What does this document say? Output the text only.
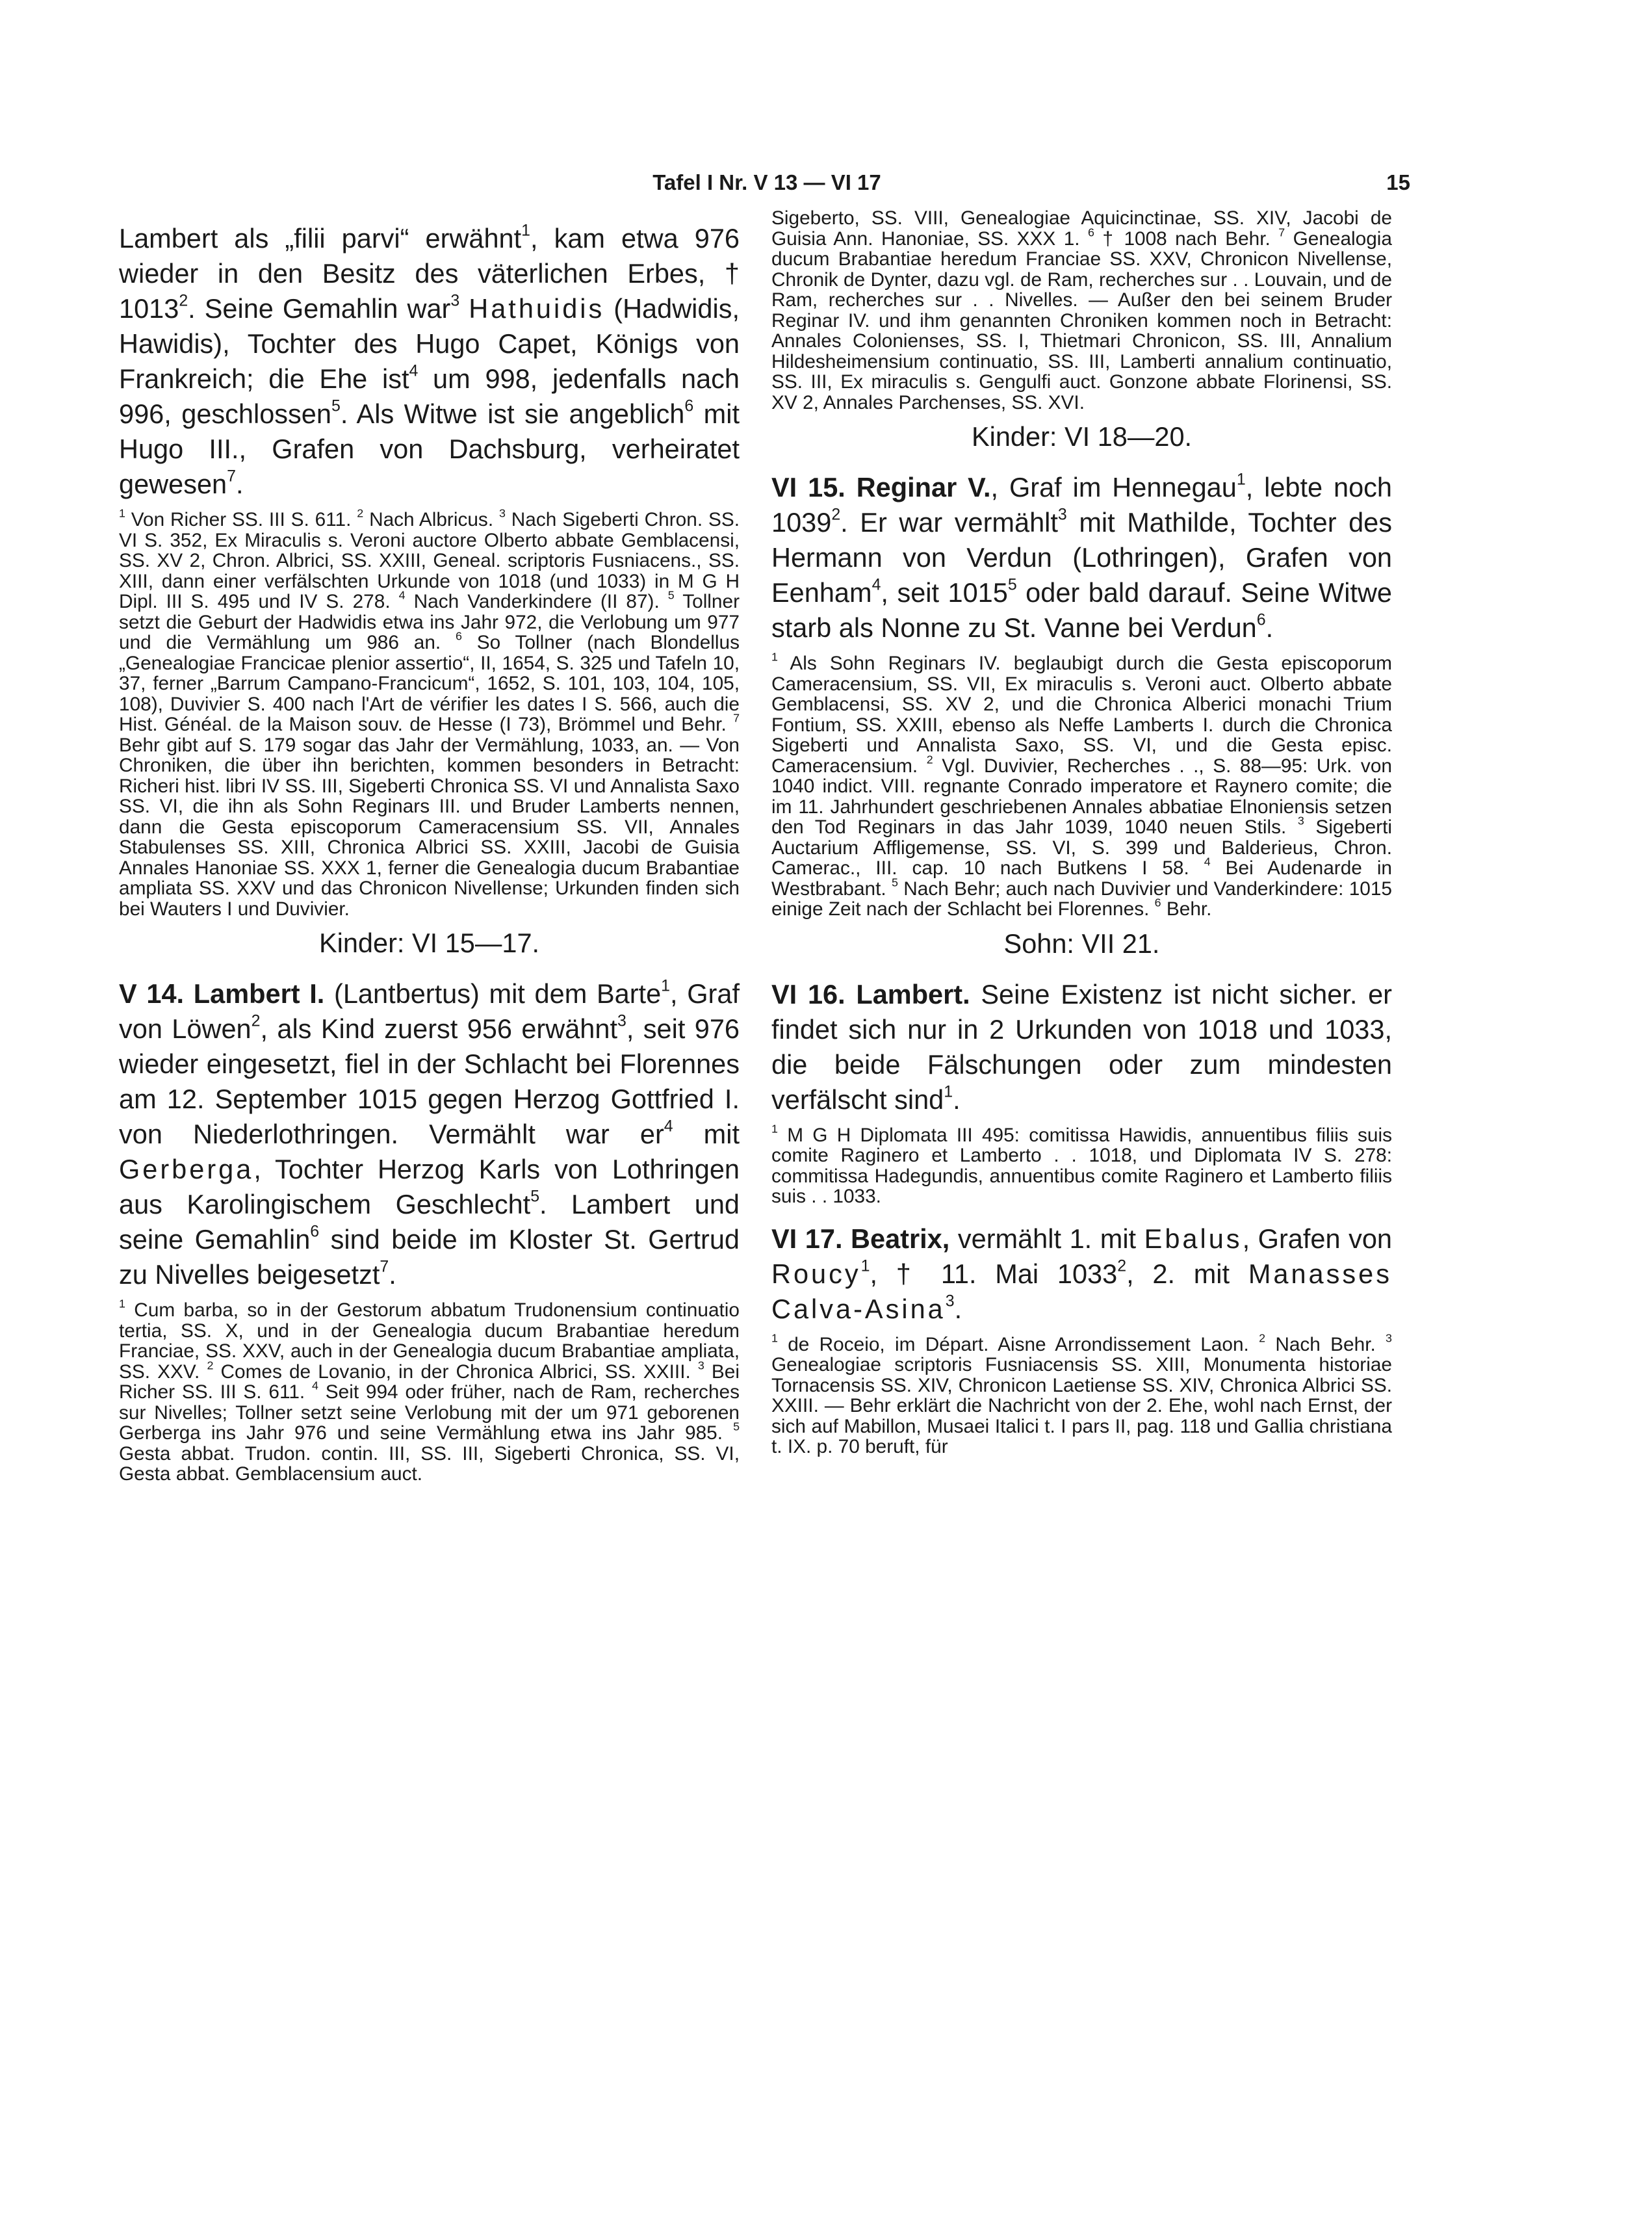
Tafel I Nr. V 13 — VI 17	15

Lambert als „filii parvi“ erwähnt$^1$, kam etwa 976 wieder in den Besitz des väterlichen Erbes, † 1013$^2$. Seine Gemahlin war$^3$ Hathuidis (Hadwidis, Hawidis), Tochter des Hugo Capet, Königs von Frankreich; die Ehe ist$^4$ um 998, jedenfalls nach 996, geschlossen$^5$. Als Witwe ist sie angeblich$^6$ mit Hugo III., Grafen von Dachsburg, verheiratet gewesen$^7$.

$^1$ Von Richer SS. III S. 611. $^2$ Nach Albricus. $^3$ Nach Sigeberti Chron. SS. VI S. 352, Ex Miraculis s. Veroni auctore Olberto abbate Gemblacensi, SS. XV 2, Chron. Albrici, SS. XXIII, Geneal. scriptoris Fusniacens., SS. XIII, dann einer verfälschten Urkunde von 1018 (und 1033) in M G H Dipl. III S. 495 und IV S. 278. $^4$ Nach Vanderkindere (II 87). $^5$ Tollner setzt die Geburt der Hadwidis etwa ins Jahr 972, die Verlobung um 977 und die Vermählung um 986 an. $^6$ So Tollner (nach Blondellus „Genealogiae Francicae plenior assertio“, II, 1654, S. 325 und Tafeln 10, 37, ferner „Barrum Campano-Francicum“, 1652, S. 101, 103, 104, 105, 108), Duvivier S. 400 nach l'Art de vérifier les dates I S. 566, auch die Hist. Généal. de la Maison souv. de Hesse (I 73), Brömmel und Behr. $^7$ Behr gibt auf S. 179 sogar das Jahr der Vermählung, 1033, an. — Von Chroniken, die über ihn berichten, kommen besonders in Betracht: Richeri hist. libri IV SS. III, Sigeberti Chronica SS. VI und Annalista Saxo SS. VI, die ihn als Sohn Reginars III. und Bruder Lamberts nennen, dann die Gesta episcoporum Cameracensium SS. VII, Annales Stabulenses SS. XIII, Chronica Albrici SS. XXIII, Jacobi de Guisia Annales Hanoniae SS. XXX 1, ferner die Genealogia ducum Brabantiae ampliata SS. XXV und das Chronicon Nivellense; Urkunden finden sich bei Wauters I und Duvivier.

Kinder: VI 15—17.

V 14. Lambert I. (Lantbertus) mit dem Barte$^1$, Graf von Löwen$^2$, als Kind zuerst 956 erwähnt$^3$, seit 976 wieder eingesetzt, fiel in der Schlacht bei Florennes am 12. September 1015 gegen Herzog Gottfried I. von Niederlothringen. Vermählt war $er^4$ mit Gerberga, Tochter Herzog Karls von Lothringen aus Karolingischem Geschlecht$^5$. Lambert und seine Gemahlin$^6$ sind beide im Kloster St. Gertrud zu Nivelles beigesetzt$^7$.

$^1$ Cum barba, so in der Gestorum abbatum Trudonensium continuatio tertia, SS. X, und in der Genealogia ducum Brabantiae heredum Franciae, SS. XXV, auch in der Genealogia ducum Brabantiae ampliata, SS. XXV. $^2$ Comes de Lovanio, in der Chronica Albrici, SS. XXIII. $^3$ Bei Richer SS. III S. 611. $^4$ Seit 994 oder früher, nach de Ram, recherches sur Nivelles; Tollner setzt seine Verlobung mit der um 971 geborenen Gerberga ins Jahr 976 und seine Vermählung etwa ins Jahr 985. $^5$ Gesta abbat. Trudon. contin. III, SS. III, Sigeberti Chronica, SS. VI, Gesta abbat. Gemblacensium auct.

Sigeberto, SS. VIII, Genealogiae Aquicinctinae, SS. XIV, Jacobi de Guisia Ann. Hanoniae, SS. XXX 1. $^6$ † 1008 nach Behr. $^7$ Genealogia ducum Brabantiae heredum Franciae SS. XXV, Chronicon Nivellense, Chronik de Dynter, dazu vgl. de Ram, recherches sur . . Louvain, und de Ram, recherches sur . . Nivelles. — Außer den bei seinem Bruder Reginar IV. und ihm genannten Chroniken kommen noch in Betracht: Annales Colonienses, SS. I, Thietmari Chronicon, SS. III, Annalium Hildesheimensium continuatio, SS. III, Lamberti annalium continuatio, SS. III, Ex miraculis s. Gengulfi auct. Gonzone abbate Florinensi, SS. XV 2, Annales Parchenses, SS. XVI.

Kinder: VI 18—20.

VI 15. Reginar V., Graf im Hennegau$^1$, lebte noch 1039$^2$. Er war vermählt$^3$ mit Mathilde, Tochter des Hermann von Verdun (Lothringen), Grafen von Eenham$^4$, seit 1015$^5$ oder bald darauf. Seine Witwe starb als Nonne zu St. Vanne bei Verdun$^6$.

$^1$ Als Sohn Reginars IV. beglaubigt durch die Gesta episcoporum Cameracensium, SS. VII, Ex miraculis s. Veroni auct. Olberto abbate Gemblacensi, SS. XV 2, und die Chronica Alberici monachi Trium Fontium, SS. XXIII, ebenso als Neffe Lamberts I. durch die Chronica Sigeberti und Annalista Saxo, SS. VI, und die Gesta episc. Cameracensium. $^2$ Vgl. Duvivier, Recherches . ., S. 88—95: Urk. von 1040 indict. VIII. regnante Conrado imperatore et Raynero comite; die im 11. Jahrhundert geschriebenen Annales abbatiae Elnoniensis setzen den Tod Reginars in das Jahr 1039, 1040 neuen Stils. $^3$ Sigeberti Auctarium Affligemense, SS. VI, S. 399 und Balderieus, Chron. Camerac., III. cap. 10 nach Butkens I 58. $^4$ Bei Audenarde in Westbrabant. $^5$ Nach Behr; auch nach Duvivier und Vanderkindere: 1015 einige Zeit nach der Schlacht bei Florennes. $^6$ Behr.

Sohn: VII 21.

VI 16. Lambert. Seine Existenz ist nicht sicher. er findet sich nur in 2 Urkunden von 1018 und 1033, die beide Fälschungen oder zum mindesten verfälscht sind$^1$.

$^1$ M G H Diplomata III 495: comitissa Hawidis, annuentibus filiis suis comite Raginero et Lamberto . . 1018, und Diplomata IV S. 278: commitissa Hadegundis, annuentibus comite Raginero et Lamberto filiis suis . . 1033.

VI 17. Beatrix, vermählt 1. mit Ebalus, Grafen von Roucy$^1$, † 11. Mai 1033$^2$, 2. mit Manasses Calva-Asina$^3$.

$^1$ de Roceio, im Départ. Aisne Arrondissement Laon. $^2$ Nach Behr. $^3$ Genealogiae scriptoris Fusniacensis SS. XIII, Monumenta historiae Tornacensis SS. XIV, Chronicon Laetiense SS. XIV, Chronica Albrici SS. XXIII. — Behr erklärt die Nachricht von der 2. Ehe, wohl nach Ernst, der sich auf Mabillon, Musaei Italici t. I pars II, pag. 118 und Gallia christiana t. IX. p. 70 beruft, für
